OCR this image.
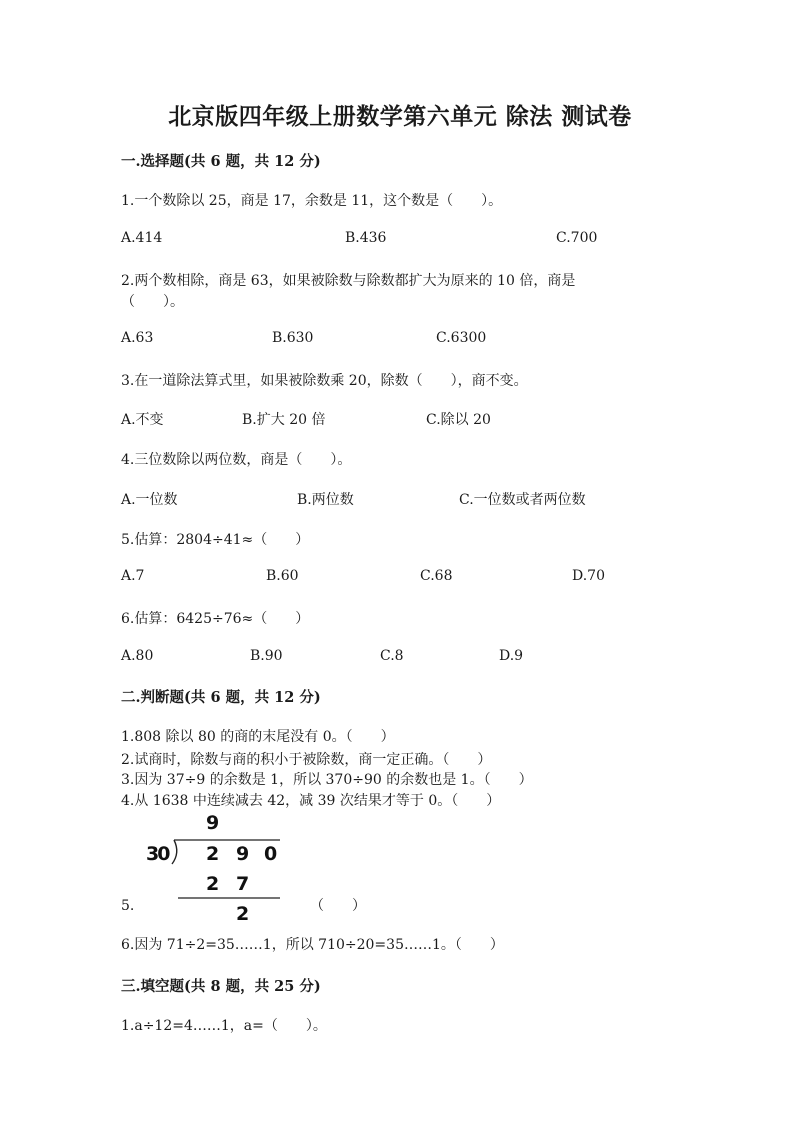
北京版四年级上册数学第六单元 除法 测试卷
一.选择题(共 6 题，共 12 分)
1.一个数除以 25，商是 17，余数是 11，这个数是（　　）。
A.414	B.436	C.700
2.两个数相除，商是 63，如果被除数与除数都扩大为原来的 10 倍，商是
（　　）。
A.63	B.630	C.6300
3.在一道除法算式里，如果被除数乘 20，除数（　　），商不变。
A.不变	B.扩大 20 倍	C.除以 20
4.三位数除以两位数，商是（　　）。
A.一位数	B.两位数	C.一位数或者两位数
5.估算：2804÷41≈（　　）
A.7	B.60	C.68	D.70
6.估算：6425÷76≈（　　）
A.80	B.90	C.8	D.9
二.判断题(共 6 题，共 12 分)
1.808 除以 80 的商的末尾没有 0。（　　）
2.试商时，除数与商的积小于被除数，商一定正确。（　　）
3.因为 37÷9 的余数是 1，所以 370÷90 的余数也是 1。（　　）
4.从 1638 中连续减去 42，减 39 次结果才等于 0。（　　）
5.	（　　）
9
30 2 9 0
2 7
2
6.因为 71÷2=35……1，所以 710÷20=35……1。（　　）
三.填空题(共 8 题，共 25 分)
1.a÷12=4……1，a=（　　）。
